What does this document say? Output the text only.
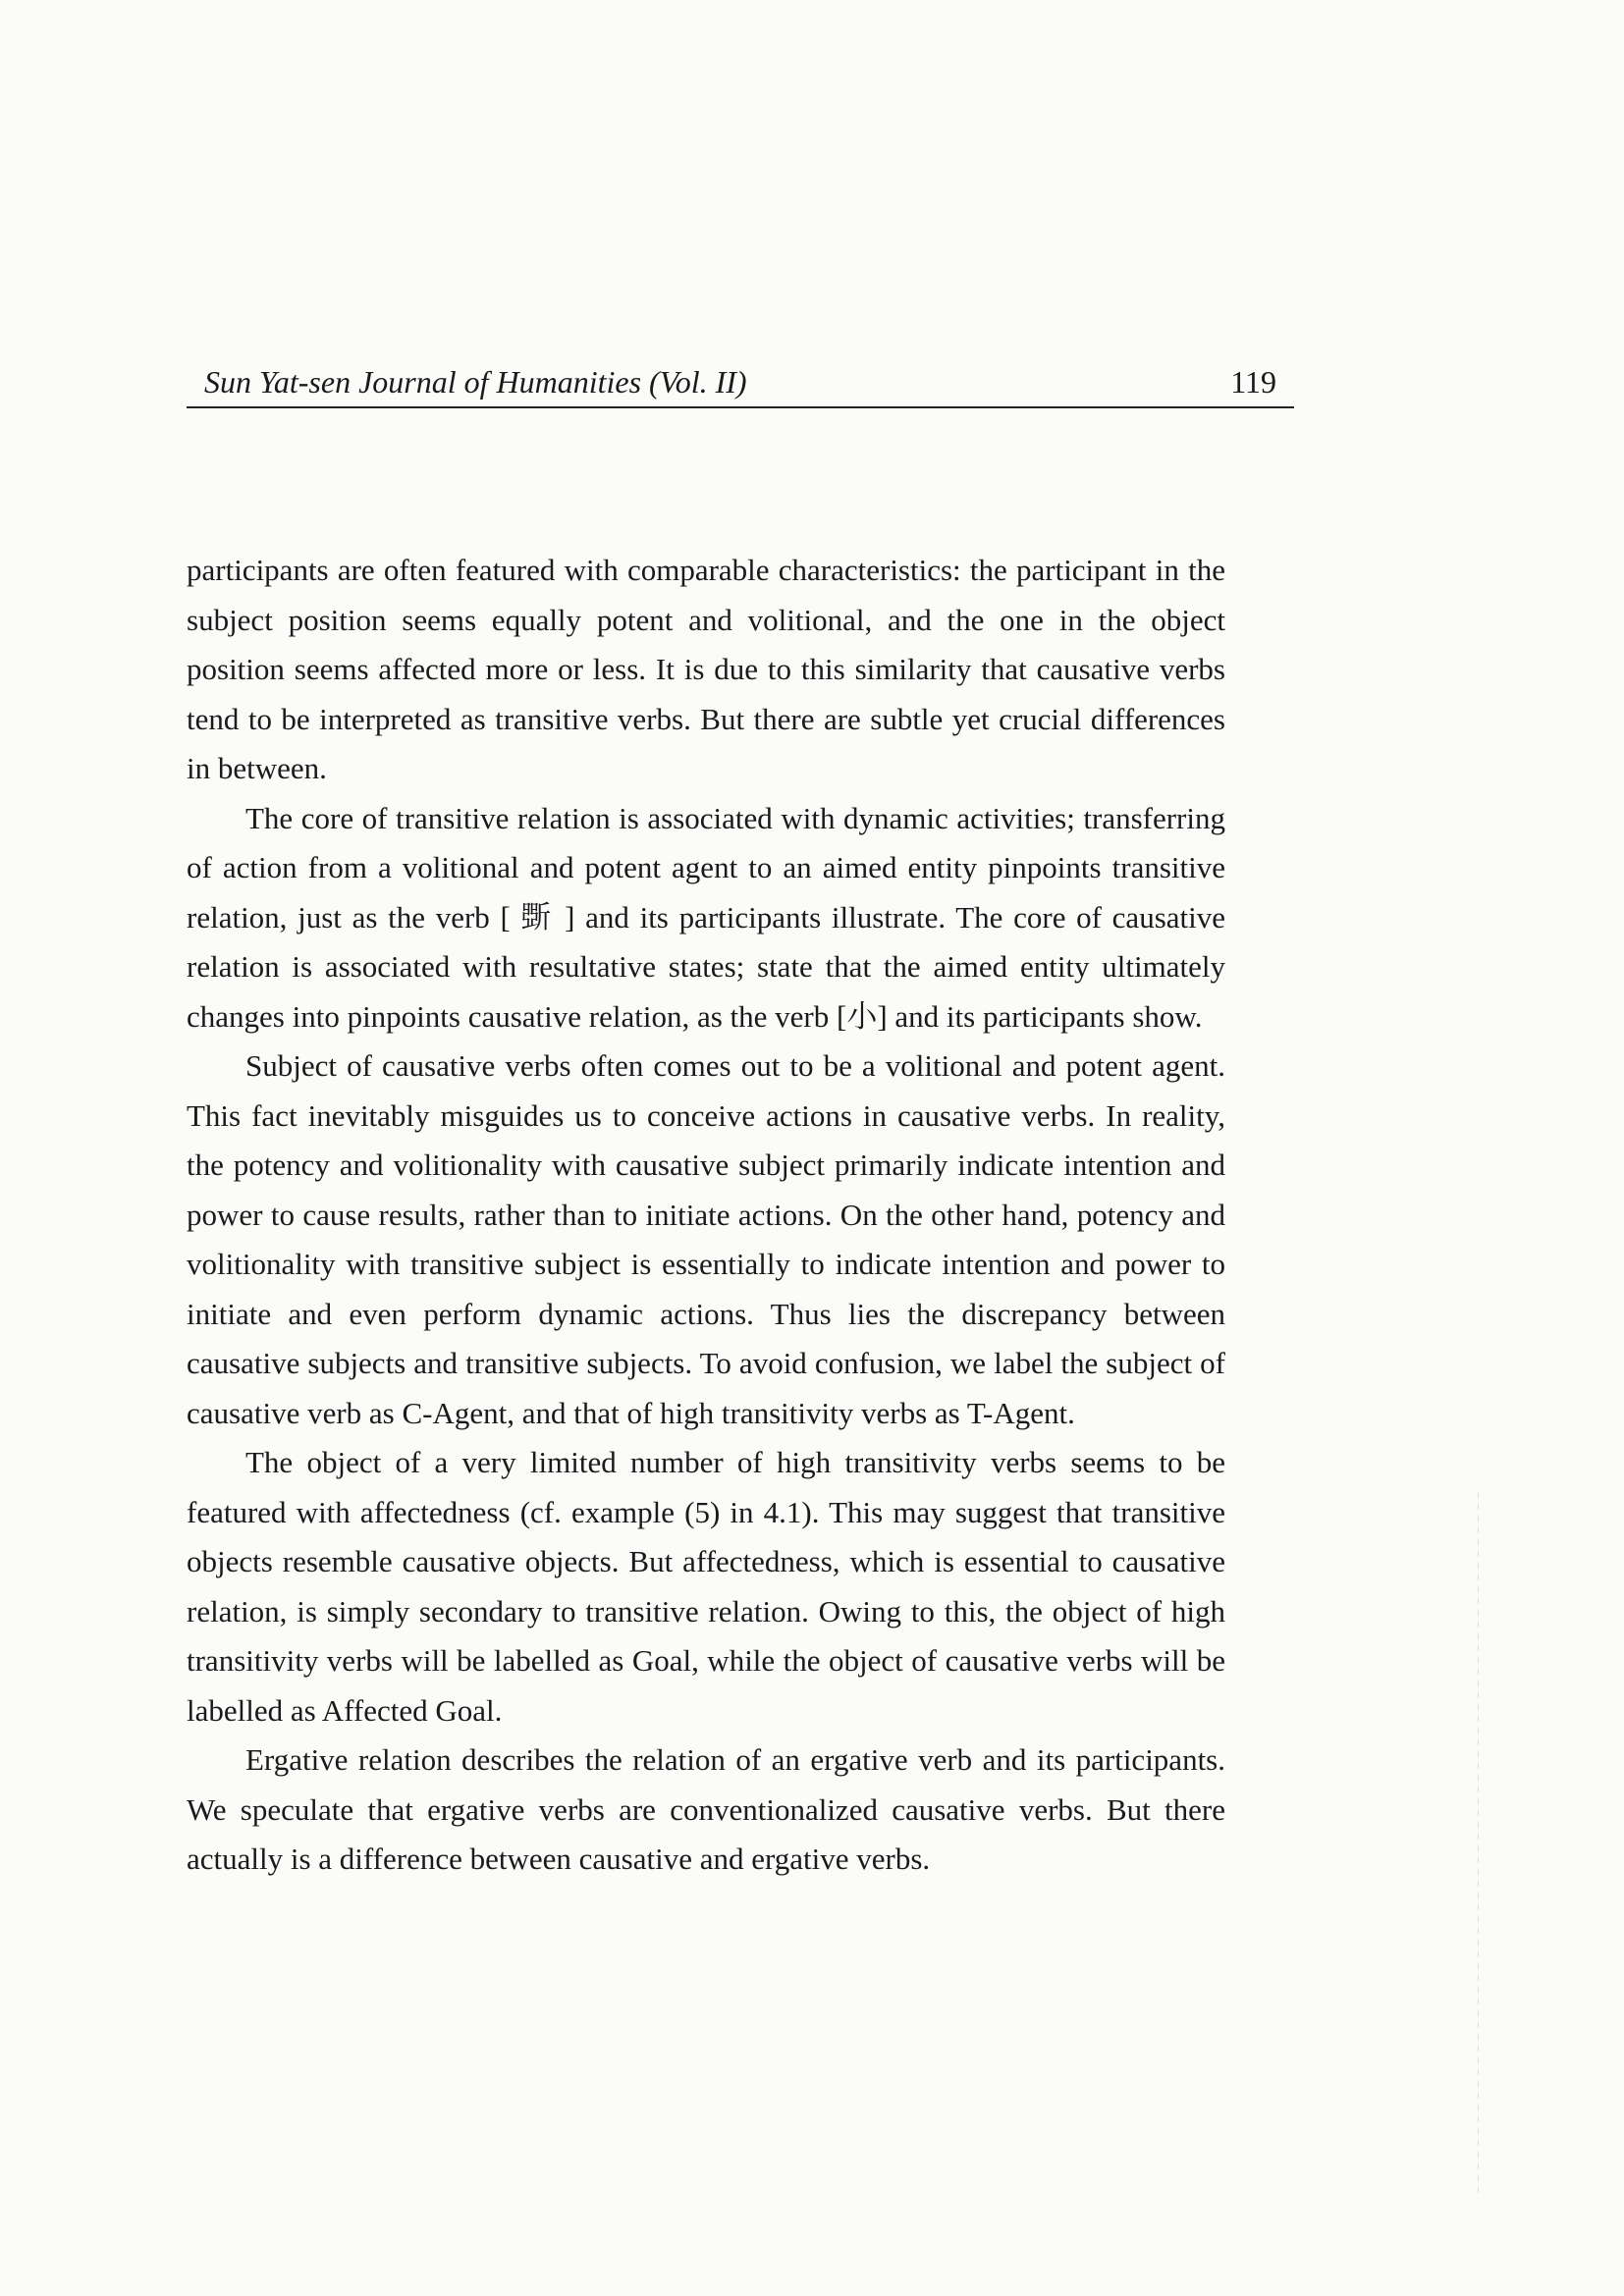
Sun Yat-sen Journal of Humanities (Vol. II)	119

participants are often featured with comparable characteristics: the participant in the subject position seems equally potent and volitional, and the one in the object position seems affected more or less. It is due to this similarity that causative verbs tend to be interpreted as transitive verbs. But there are subtle yet crucial differences in between.

The core of transitive relation is associated with dynamic activities; transferring of action from a volitional and potent agent to an aimed entity pinpoints transitive relation, just as the verb [ 斲 ] and its participants illustrate. The core of causative relation is associated with resultative states; state that the aimed entity ultimately changes into pinpoints causative relation, as the verb [小] and its participants show.

Subject of causative verbs often comes out to be a volitional and potent agent. This fact inevitably misguides us to conceive actions in causative verbs. In reality, the potency and volitionality with causative subject primarily indicate intention and power to cause results, rather than to initiate actions. On the other hand, potency and volitionality with transitive subject is essentially to indicate intention and power to initiate and even perform dynamic actions. Thus lies the discrepancy between causative subjects and transitive subjects. To avoid confusion, we label the subject of causative verb as C-Agent, and that of high transitivity verbs as T-Agent.

The object of a very limited number of high transitivity verbs seems to be featured with affectedness (cf. example (5) in 4.1). This may suggest that transitive objects resemble causative objects. But affectedness, which is essential to causative relation, is simply secondary to transitive relation. Owing to this, the object of high transitivity verbs will be labelled as Goal, while the object of causative verbs will be labelled as Affected Goal.

Ergative relation describes the relation of an ergative verb and its participants. We speculate that ergative verbs are conventionalized causative verbs. But there actually is a difference between causative and ergative verbs.
